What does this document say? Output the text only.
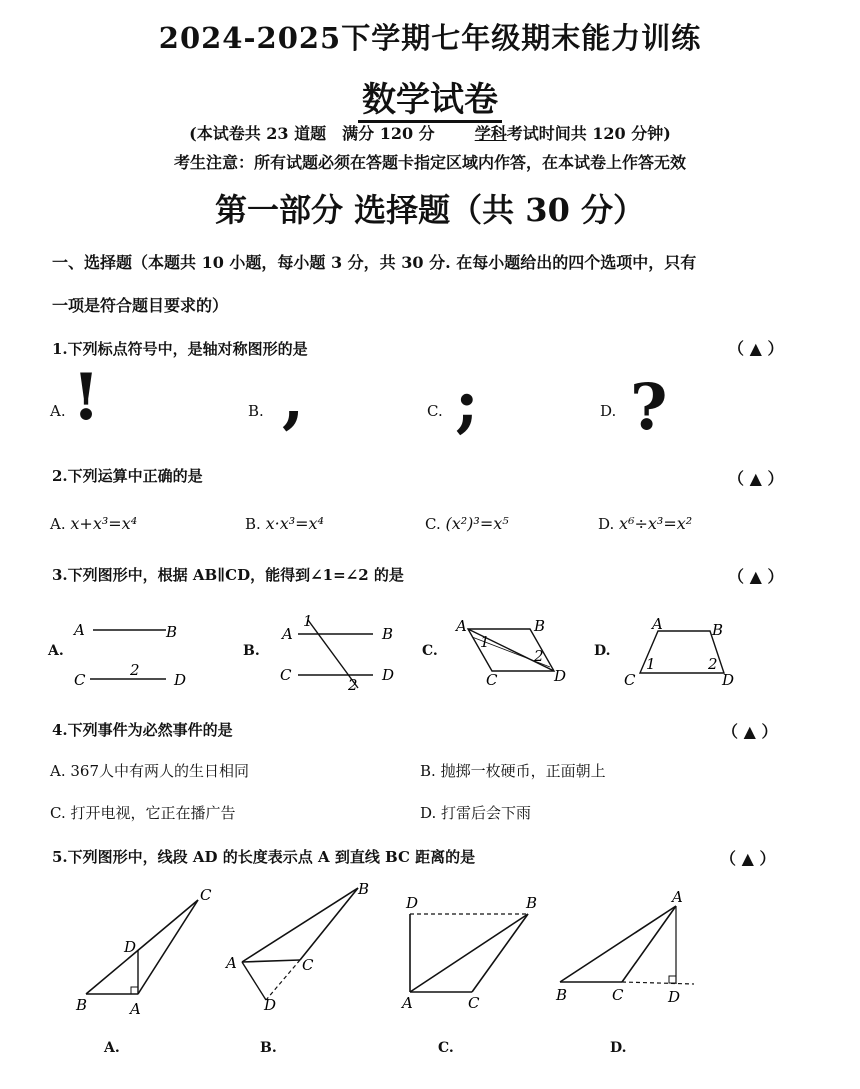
2024-2025下学期七年级期末能力训练
数学试卷
(本试卷共 23 道题　满分 120 分	学科考试时间共 120 分钟)
考生注意：所有试题必须在答题卡指定区域内作答，在本试卷上作答无效
第一部分 选择题（共 30 分）
一、选择题（本题共 10 小题，每小题 3 分，共 30 分. 在每小题给出的四个选项中，只有
一项是符合题目要求的）
1.下列标点符号中，是轴对称图形的是	（ ▲ ）
A. !	B. ,	C. ;	D. ?
2.下列运算中正确的是	（ ▲ ）
A. x+x³=x⁴	B. x·x³=x⁴	C. (x²)³=x⁵	D. x⁶÷x³=x²
3.下列图形中，根据 AB∥CD，能得到∠1=∠2 的是	（ ▲ ）
A.
A	B
C	D
2
B.
A	B
C	D
1
2
C.
A	B
C	D
1
2	D.
A	B
C	D
1	2
4.下列事件为必然事件的是	（ ▲ ）
A. 367人中有两人的生日相同	B. 抛掷一枚硬币，正面朝上
C. 打开电视，它正在播广告	D. 打雷后会下雨
5.下列图形中，线段 AD 的长度表示点 A 到直线 BC 距离的是	（ ▲ ）
C
D
B	A
A.
B
A	C
D
B.
D	B
A	C
C.
A
B	C	D
D.
